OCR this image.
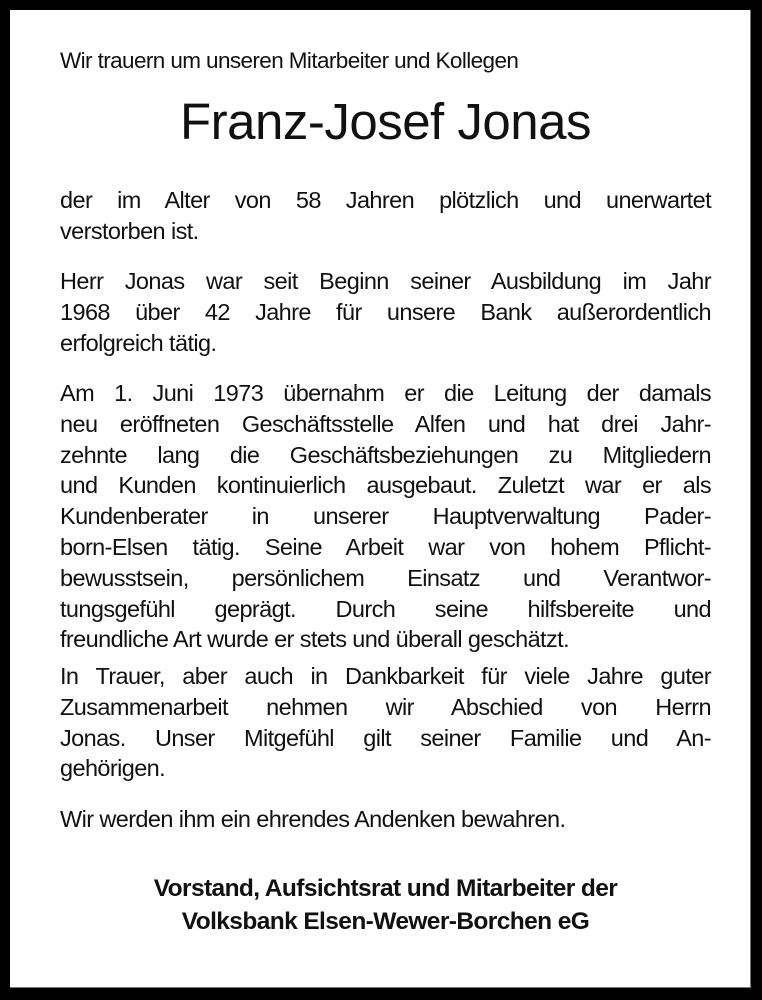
Wir trauern um unseren Mitarbeiter und Kollegen
Franz-Josef Jonas
der im Alter von 58 Jahren plötzlich und unerwartet
verstorben ist.
Herr Jonas war seit Beginn seiner Ausbildung im Jahr
1968 über 42 Jahre für unsere Bank außerordentlich
erfolgreich tätig.
Am 1. Juni 1973 übernahm er die Leitung der damals
neu eröffneten Geschäftsstelle Alfen und hat drei Jahr-
zehnte lang die Geschäftsbeziehungen zu Mitgliedern
und Kunden kontinuierlich ausgebaut. Zuletzt war er als
Kundenberater in unserer Hauptverwaltung Pader-
born-Elsen tätig. Seine Arbeit war von hohem Pflicht-
bewusstsein, persönlichem Einsatz und Verantwor-
tungsgefühl geprägt. Durch seine hilfsbereite und
freundliche Art wurde er stets und überall geschätzt.
In Trauer, aber auch in Dankbarkeit für viele Jahre guter
Zusammenarbeit nehmen wir Abschied von Herrn
Jonas. Unser Mitgefühl gilt seiner Familie und An-
gehörigen.
Wir werden ihm ein ehrendes Andenken bewahren.
Vorstand, Aufsichtsrat und Mitarbeiter der
Volksbank Elsen-Wewer-Borchen eG
